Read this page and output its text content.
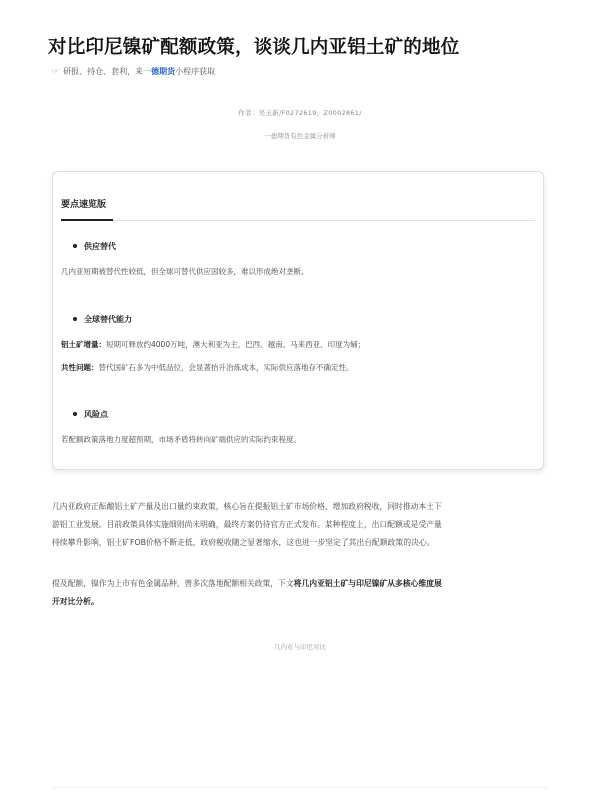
对比印尼镍矿配额政策，谈谈几内亚铝土矿的地位
☞ 研报、持仓、套利，来一德期货小程序获取
作者：吴玉新/F0272619、Z0002861/
一德期货有色金属分析师
要点速览版
供应替代
几内亚短期被替代性较低，但全球可替代供应国较多，难以形成绝对垄断。
全球替代能力
铝土矿增量：短期可释放约4000万吨，澳大利亚为主，巴西、越南、马来西亚、印度为辅；
共性问题：替代国矿石多为中低品位，会显著抬升冶炼成本，实际供应落地存不确定性。
风险点
若配额政策落地力度超预期，市场矛盾将转向矿端供应的实际约束程度。
几内亚政府正酝酿铝土矿产量及出口量约束政策，核心旨在提振铝土矿市场价格、增加政府税收，同时推动本土下
游铝工业发展。目前政策具体实施细则尚未明确，最终方案仍待官方正式发布。某种程度上，出口配额或是受产量
持续攀升影响，铝土矿FOB价格不断走低，政府税收随之显著缩水，这也进一步坚定了其出台配额政策的决心。
提及配额，镍作为上市有色金属品种，曾多次落地配额相关政策，下文将几内亚铝土矿与印尼镍矿从多核心维度展
开对比分析。
几内亚与印尼对比
